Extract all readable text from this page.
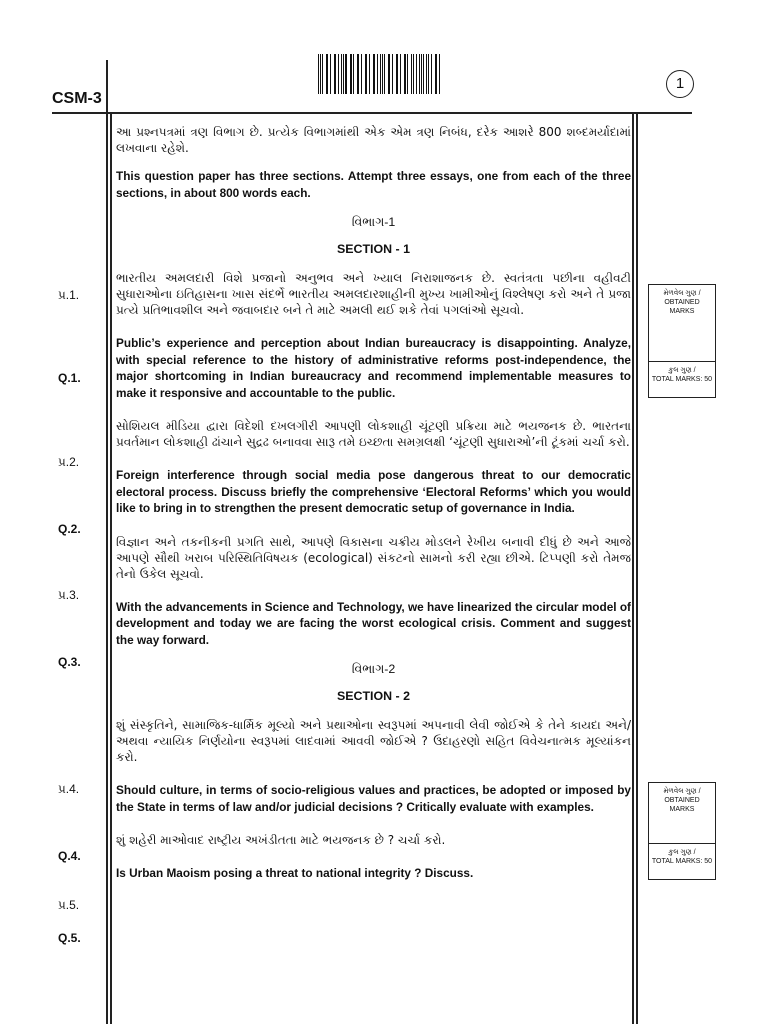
CSM-3
1
પ્ર.1.
Q.1.
પ્ર.2.
Q.2.
પ્ર.3.
Q.3.
પ્ર.4.
Q.4.
પ્ર.5.
Q.5.

આ પ્રશ્નપત્રમાં ત્રણ વિભાગ છે. પ્રત્યેક વિભાગમાંથી એક એમ ત્રણ નિબંધ, દરેક આશરે 800 શબ્દમર્યાદામાં લખવાના રહેશે.

This question paper has three sections. Attempt three essays, one from each of the three sections, in about 800 words each.

વિભાગ-1

SECTION - 1

ભારતીય અમલદારી વિશે પ્રજાનો અનુભવ અને ખ્યાલ નિરાશાજનક છે. સ્વતંત્રતા પછીના વહીવટી સુધારાઓના ઇતિહાસના ખાસ સંદર્ભે ભારતીય અમલદારશાહીની મુખ્ય ખામીઓનું વિશ્લેષણ કરો અને તે પ્રજા પ્રત્યે પ્રતિભાવશીલ અને જવાબદાર બને તે માટે અમલી થઈ શકે તેવાં પગલાંઓ સૂચવો.

Public’s experience and perception about Indian bureaucracy is disappointing. Analyze, with special reference to the history of administrative reforms post-independence, the major shortcoming in Indian bureaucracy and recommend implementable measures to make it responsive and accountable to the public.

સોશિયલ મીડિયા દ્વારા વિદેશી દખલગીરી આપણી લોકશાહી ચૂંટણી પ્રક્રિયા માટે ભયજનક છે. ભારતના પ્રવર્તમાન લોકશાહી ઢાંચાને સુદ્રઢ બનાવવા સારૂ તમે ઇચ્છતા સમગ્રલક્ષી ‘ચૂંટણી સુધારાઓ’ની ટૂંકમાં ચર્ચા કરો.

Foreign interference through social media pose dangerous threat to our democratic electoral process. Discuss briefly the comprehensive ‘Electoral Reforms’ which you would like to bring in to strengthen the present democratic setup of governance in India.

વિજ્ઞાન અને તકનીકની પ્રગતિ સાથે, આપણે વિકાસના ચક્રીય મોડલને રેખીય બનાવી દીધું છે અને આજે આપણે સૌથી ખરાબ પરિસ્થિતિવિષયક (ecological) સંકટનો સામનો કરી રહ્યા છીએ. ટિપ્પણી કરો તેમજ તેનો ઉકેલ સૂચવો.

With the advancements in Science and Technology, we have linearized the circular model of development and today we are facing the worst ecological crisis. Comment and suggest the way forward.

વિભાગ-2

SECTION - 2

શું સંસ્કૃતિને, સામાજિક-ધાર્મિક મૂલ્યો અને પ્રથાઓના સ્વરૂપમાં અપનાવી લેવી જોઈએ કે તેને કાયદા અને/અથવા ન્યાયિક નિર્ણયોના સ્વરૂપમાં લાદવામાં આવવી જોઈએ ? ઉદાહરણો સહિત વિવેચનાત્મક મૂલ્યાંકન કરો.

Should culture, in terms of socio-religious values and practices, be adopted or imposed by the State in terms of law and/or judicial decisions ? Critically evaluate with examples.

શું શહેરી માઓવાદ રાષ્ટ્રીય અખંડીતતા માટે ભયજનક છે ? ચર્ચા કરો.

Is Urban Maoism posing a threat to national integrity ? Discuss.

મેળવેલ ગુણ /
OBTAINED MARKS
કુલ ગુણ /
TOTAL MARKS: 50
મેળવેલ ગુણ /
OBTAINED MARKS
કુલ ગુણ /
TOTAL MARKS: 50
